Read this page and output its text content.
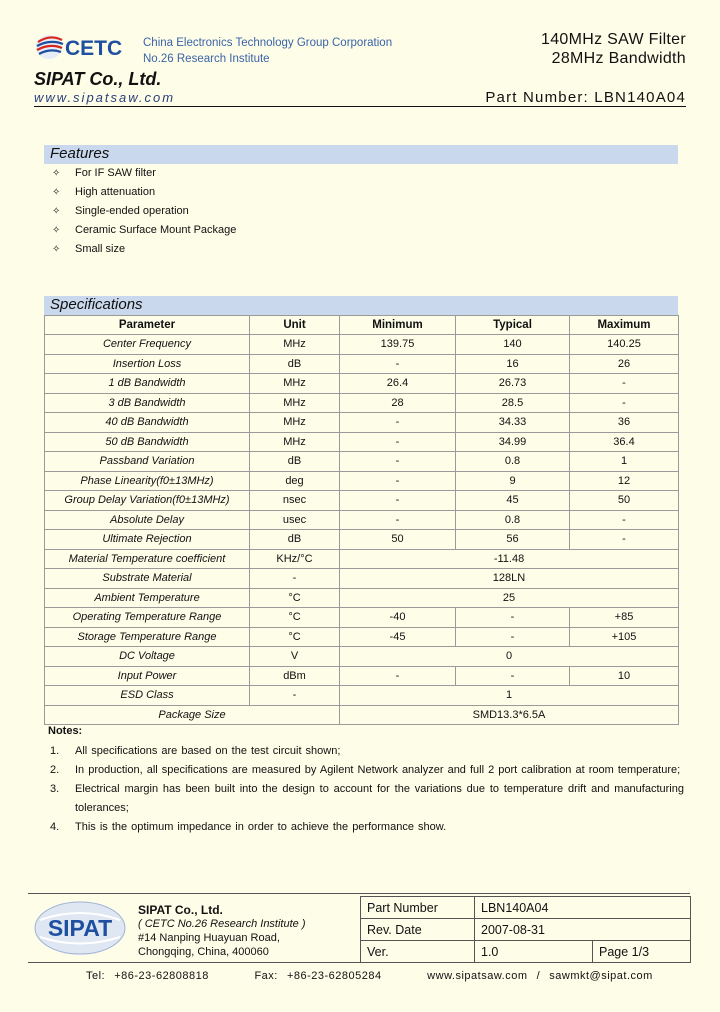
CETC China Electronics Technology Group Corporation
No.26 Research Institute
140MHz SAW Filter
28MHz Bandwidth
SIPAT Co., Ltd.
www.sipatsaw.com	Part Number: LBN140A04
Features
✧ For IF SAW filter
✧ High attenuation
✧ Single-ended operation
✧ Ceramic Surface Mount Package
✧ Small size
Specifications
Parameter	Unit	Minimum	Typical	Maximum
Center Frequency	MHz	139.75	140	140.25
Insertion Loss	dB	-	16	26
1 dB Bandwidth	MHz	26.4	26.73	-
3 dB Bandwidth	MHz	28	28.5	-
40 dB Bandwidth	MHz	-	34.33	36
50 dB Bandwidth	MHz	-	34.99	36.4
Passband Variation	dB	-	0.8	1
Phase Linearity(f0±13MHz)	deg	-	9	12
Group Delay Variation(f0±13MHz)	nsec	-	45	50
Absolute Delay	usec	-	0.8	-
Ultimate Rejection	dB	50	56	-
Material Temperature coefficient	KHz/°C	-11.48		
Substrate Material	-	128LN		
Ambient Temperature	°C	25		
Operating Temperature Range	°C	-40	-	+85
Storage Temperature Range	°C	-45	-	+105
DC Voltage	V	0		
Input Power	dBm	-	-	10
ESD Class	-	1		
Package Size		SMD13.3*6.5A		
Notes:
1. All specifications are based on the test circuit shown;
2. In production, all specifications are measured by Agilent Network analyzer and full 2 port calibration at room temperature;
3. Electrical margin has been built into the design to account for the variations due to temperature drift and manufacturing tolerances;
4. This is the optimum impedance in order to achieve the performance show.
SIPAT
SIPAT Co., Ltd.
( CETC No.26 Research Institute )
#14 Nanping Huayuan Road,
Chongqing, China, 400060
Part Number	LBN140A04	
Rev. Date	2007-08-31	
Ver.	1.0	Page 1/3
Tel:  +86-23-62808818          Fax:  +86-23-62805284          www.sipatsaw.com  /  sawmkt@sipat.com
